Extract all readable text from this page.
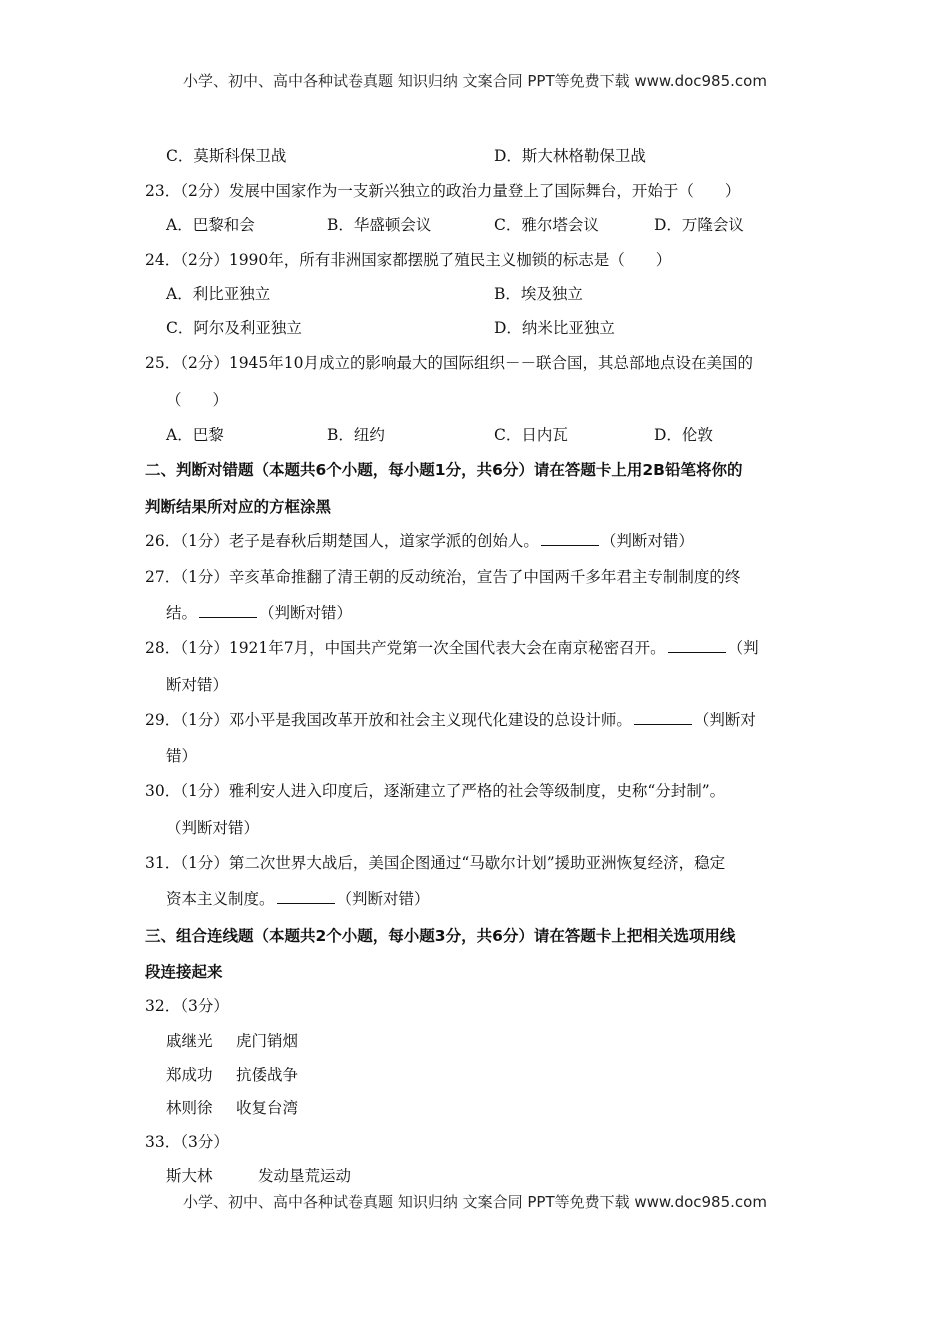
小学、初中、高中各种试卷真题 知识归纳 文案合同 PPT等免费下载 www.doc985.com
C．莫斯科保卫战	D．斯大林格勒保卫战
23．（2分）发展中国家作为一支新兴独立的政治力量登上了国际舞台，开始于（　　）
A．巴黎和会	B．华盛顿会议	C．雅尔塔会议	D．万隆会议
24．（2分）1990年，所有非洲国家都摆脱了殖民主义枷锁的标志是（　　）
A．利比亚独立	B．埃及独立
C．阿尔及利亚独立	D．纳米比亚独立
25．（2分）1945年10月成立的影响最大的国际组织－－联合国，其总部地点设在美国的
（　　）
A．巴黎	B．纽约	C．日内瓦	D．伦敦
二、判断对错题（本题共6个小题，每小题1分，共6分）请在答题卡上用2B铅笔将你的
判断结果所对应的方框涂黑
26．（1分）老子是春秋后期楚国人，道家学派的创始人。	（判断对错）
27．（1分）辛亥革命推翻了清王朝的反动统治，宣告了中国两千多年君主专制制度的终
结。	（判断对错）
28．（1分）1921年7月，中国共产党第一次全国代表大会在南京秘密召开。	（判
断对错）
29．（1分）邓小平是我国改革开放和社会主义现代化建设的总设计师。	（判断对
错）
30．（1分）雅利安人进入印度后，逐渐建立了严格的社会等级制度，史称“分封制”。
（判断对错）
31．（1分）第二次世界大战后，美国企图通过“马歇尔计划”援助亚洲恢复经济，稳定
资本主义制度。	（判断对错）
三、组合连线题（本题共2个小题，每小题3分，共6分）请在答题卡上把相关选项用线
段连接起来
32．（3分）
戚继光 虎门销烟
郑成功 抗倭战争
林则徐 收复台湾
33．（3分）
斯大林	发动垦荒运动
小学、初中、高中各种试卷真题 知识归纳 文案合同 PPT等免费下载 www.doc985.com
